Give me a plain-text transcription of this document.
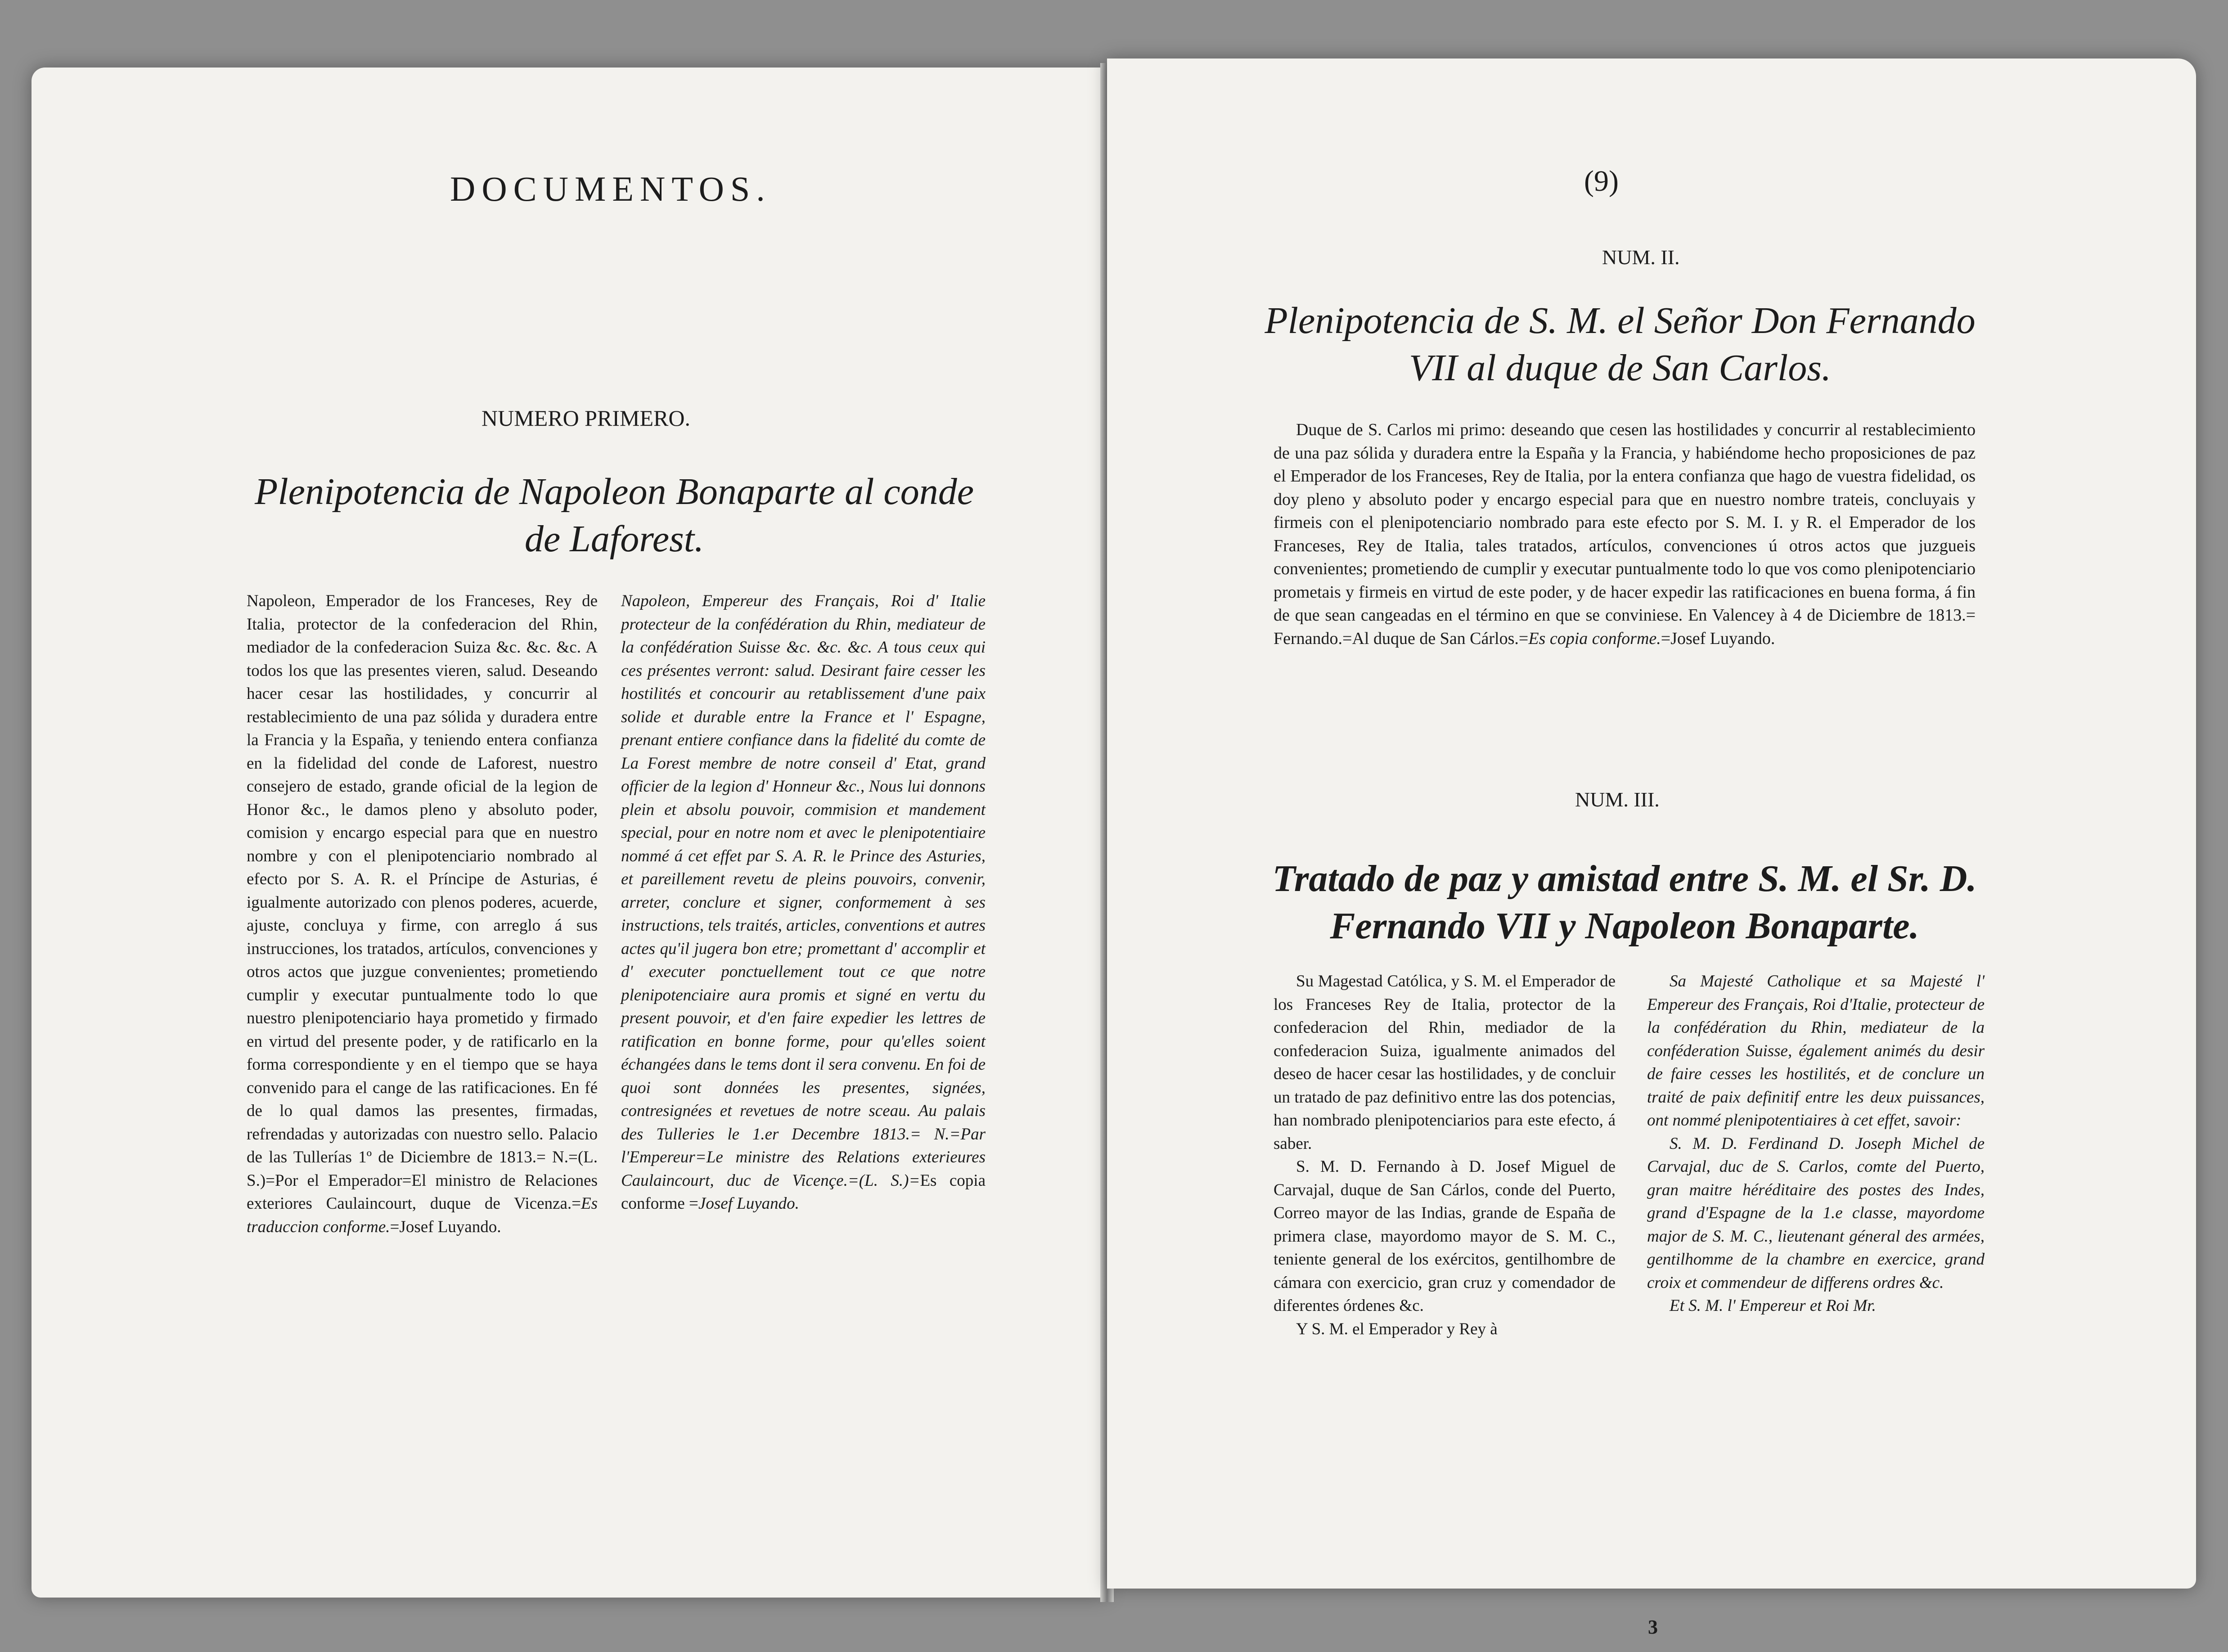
DOCUMENTOS.
NUMERO PRIMERO.
Plenipotencia de Napoleon Bonaparte al conde de Laforest.

Napoleon, Emperador de los Franceses, Rey de Italia, protector de la confederacion del Rhin, mediador de la confederacion Suiza &c. &c. &c. A todos los que las presentes vieren, salud. Deseando hacer cesar las hostilidades, y concurrir al restablecimiento de una paz sólida y duradera entre la Francia y la España, y teniendo entera confianza en la fidelidad del conde de Laforest, nuestro consejero de estado, grande oficial de la legion de Honor &c., le damos pleno y absoluto poder, comision y encargo especial para que en nuestro nombre y con el plenipotenciario nombrado al efecto por S. A. R. el Príncipe de Asturias, é igualmente autorizado con plenos poderes, acuerde, ajuste, concluya y firme, con arreglo á sus instrucciones, los tratados, artículos, convenciones y otros actos que juzgue convenientes; prometiendo cumplir y executar puntualmente todo lo que nuestro plenipotenciario haya prometido y firmado en virtud del presente poder, y de ratificarlo en la forma correspondiente y en el tiempo que se haya convenido para el cange de las ratificaciones. En fé de lo qual damos las presentes, firmadas, refrendadas y autorizadas con nuestro sello. Palacio de las Tullerías 1º de Diciembre de 1813.= N.=(L. S.)=Por el Emperador=El ministro de Relaciones exteriores Caulaincourt, duque de Vicenza.=Es traduccion conforme.=Josef Luyando.

Napoleon, Empereur des Français, Roi d' Italie protecteur de la confédération du Rhin, mediateur de la confédération Suisse &c. &c. &c. A tous ceux qui ces présentes verront: salud. Desirant faire cesser les hostilités et concourir au retablissement d'une paix solide et durable entre la France et l' Espagne, prenant entiere confiance dans la fidelité du comte de La Forest membre de notre conseil d' Etat, grand officier de la legion d' Honneur &c., Nous lui donnons plein et absolu pouvoir, commision et mandement special, pour en notre nom et avec le plenipotentiaire nommé á cet effet par S. A. R. le Prince des Asturies, et pareillement revetu de pleins pouvoirs, convenir, arreter, conclure et signer, conformement à ses instructions, tels traités, articles, conventions et autres actes qu'il jugera bon etre; promettant d' accomplir et d' executer ponctuellement tout ce que notre plenipotenciaire aura promis et signé en vertu du present pouvoir, et d'en faire expedier les lettres de ratification en bonne forme, pour qu'elles soient échangées dans le tems dont il sera convenu. En foi de quoi sont données les presentes, signées, contresignées et revetues de notre sceau. Au palais des Tulleries le 1.er Decembre 1813.= N.=Par l'Empereur=Le ministre des Relations exterieures Caulaincourt, duc de Vicençe.=(L. S.)=Es copia conforme =Josef Luyando.

(9)
NUM. II.
Plenipotencia de S. M. el Señor Don Fernando VII al duque de San Carlos.

Duque de S. Carlos mi primo: deseando que cesen las hostilidades y concurrir al restablecimiento de una paz sólida y duradera entre la España y la Francia, y habiéndome hecho proposiciones de paz el Emperador de los Franceses, Rey de Italia, por la entera confianza que hago de vuestra fidelidad, os doy pleno y absoluto poder y encargo especial para que en nuestro nombre trateis, concluyais y firmeis con el plenipotenciario nombrado para este efecto por S. M. I. y R. el Emperador de los Franceses, Rey de Italia, tales tratados, artículos, convenciones ú otros actos que juzgueis convenientes; prometiendo de cumplir y executar puntualmente todo lo que vos como plenipotenciario prometais y firmeis en virtud de este poder, y de hacer expedir las ratificaciones en buena forma, á fin de que sean cangeadas en el término en que se conviniese. En Valencey à 4 de Diciembre de 1813.= Fernando.=Al duque de San Cárlos.=Es copia conforme.=Josef Luyando.

NUM. III.
Tratado de paz y amistad entre S. M. el Sr. D. Fernando VII y Napoleon Bonaparte.

Su Magestad Católica, y S. M. el Emperador de los Franceses Rey de Italia, protector de la confederacion del Rhin, mediador de la confederacion Suiza, igualmente animados del deseo de hacer cesar las hostilidades, y de concluir un tratado de paz definitivo entre las dos potencias, han nombrado plenipotenciarios para este efecto, á saber.

S. M. D. Fernando à D. Josef Miguel de Carvajal, duque de San Cárlos, conde del Puerto, Correo mayor de las Indias, grande de España de primera clase, mayordomo mayor de S. M. C., teniente general de los exércitos, gentilhombre de cámara con exercicio, gran cruz y comendador de diferentes órdenes &c.

Y S. M. el Emperador y Rey à

Sa Majesté Catholique et sa Majesté l' Empereur des Français, Roi d'Italie, protecteur de la confédération du Rhin, mediateur de la conféderation Suisse, également animés du desir de faire cesses les hostilités, et de conclure un traité de paix definitif entre les deux puissances, ont nommé plenipotentiaires à cet effet, savoir:

S. M. D. Ferdinand D. Joseph Michel de Carvajal, duc de S. Carlos, comte del Puerto, gran maitre héréditaire des postes des Indes, grand d'Espagne de la 1.e classe, mayordome major de S. M. C., lieutenant géneral des armées, gentilhomme de la chambre en exercice, grand croix et commendeur de differens ordres &c.

Et S. M. l' Empereur et Roi Mr.

3
